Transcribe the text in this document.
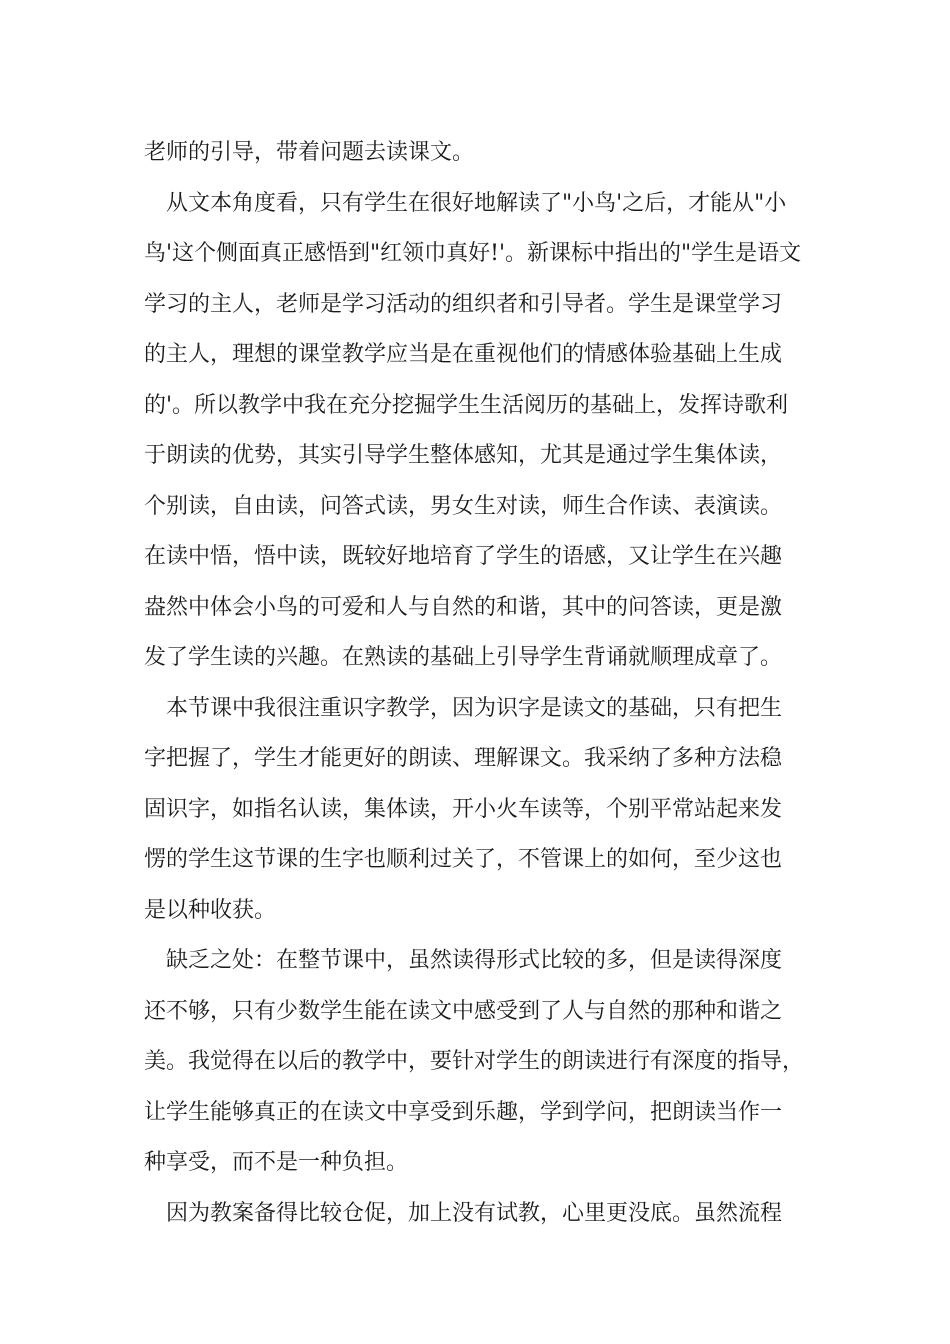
老师的引导，带着问题去读课文。
从文本角度看，只有学生在很好地解读了"小鸟'之后，才能从"小
鸟'这个侧面真正感悟到"红领巾真好!'。新课标中指出的"学生是语文
学习的主人，老师是学习活动的组织者和引导者。学生是课堂学习
的主人，理想的课堂教学应当是在重视他们的情感体验基础上生成
的'。所以教学中我在充分挖掘学生生活阅历的基础上，发挥诗歌利
于朗读的优势，其实引导学生整体感知，尤其是通过学生集体读，
个别读，自由读，问答式读，男女生对读，师生合作读、表演读。
在读中悟，悟中读，既较好地培育了学生的语感，又让学生在兴趣
盎然中体会小鸟的可爱和人与自然的和谐，其中的问答读，更是激
发了学生读的兴趣。在熟读的基础上引导学生背诵就顺理成章了。
本节课中我很注重识字教学，因为识字是读文的基础，只有把生
字把握了，学生才能更好的朗读、理解课文。我采纳了多种方法稳
固识字，如指名认读，集体读，开小火车读等，个别平常站起来发
愣的学生这节课的生字也顺利过关了，不管课上的如何，至少这也
是以种收获。
缺乏之处：在整节课中，虽然读得形式比较的多，但是读得深度
还不够，只有少数学生能在读文中感受到了人与自然的那种和谐之
美。我觉得在以后的教学中，要针对学生的朗读进行有深度的指导，
让学生能够真正的在读文中享受到乐趣，学到学问，把朗读当作一
种享受，而不是一种负担。
因为教案备得比较仓促，加上没有试教，心里更没底。虽然流程
